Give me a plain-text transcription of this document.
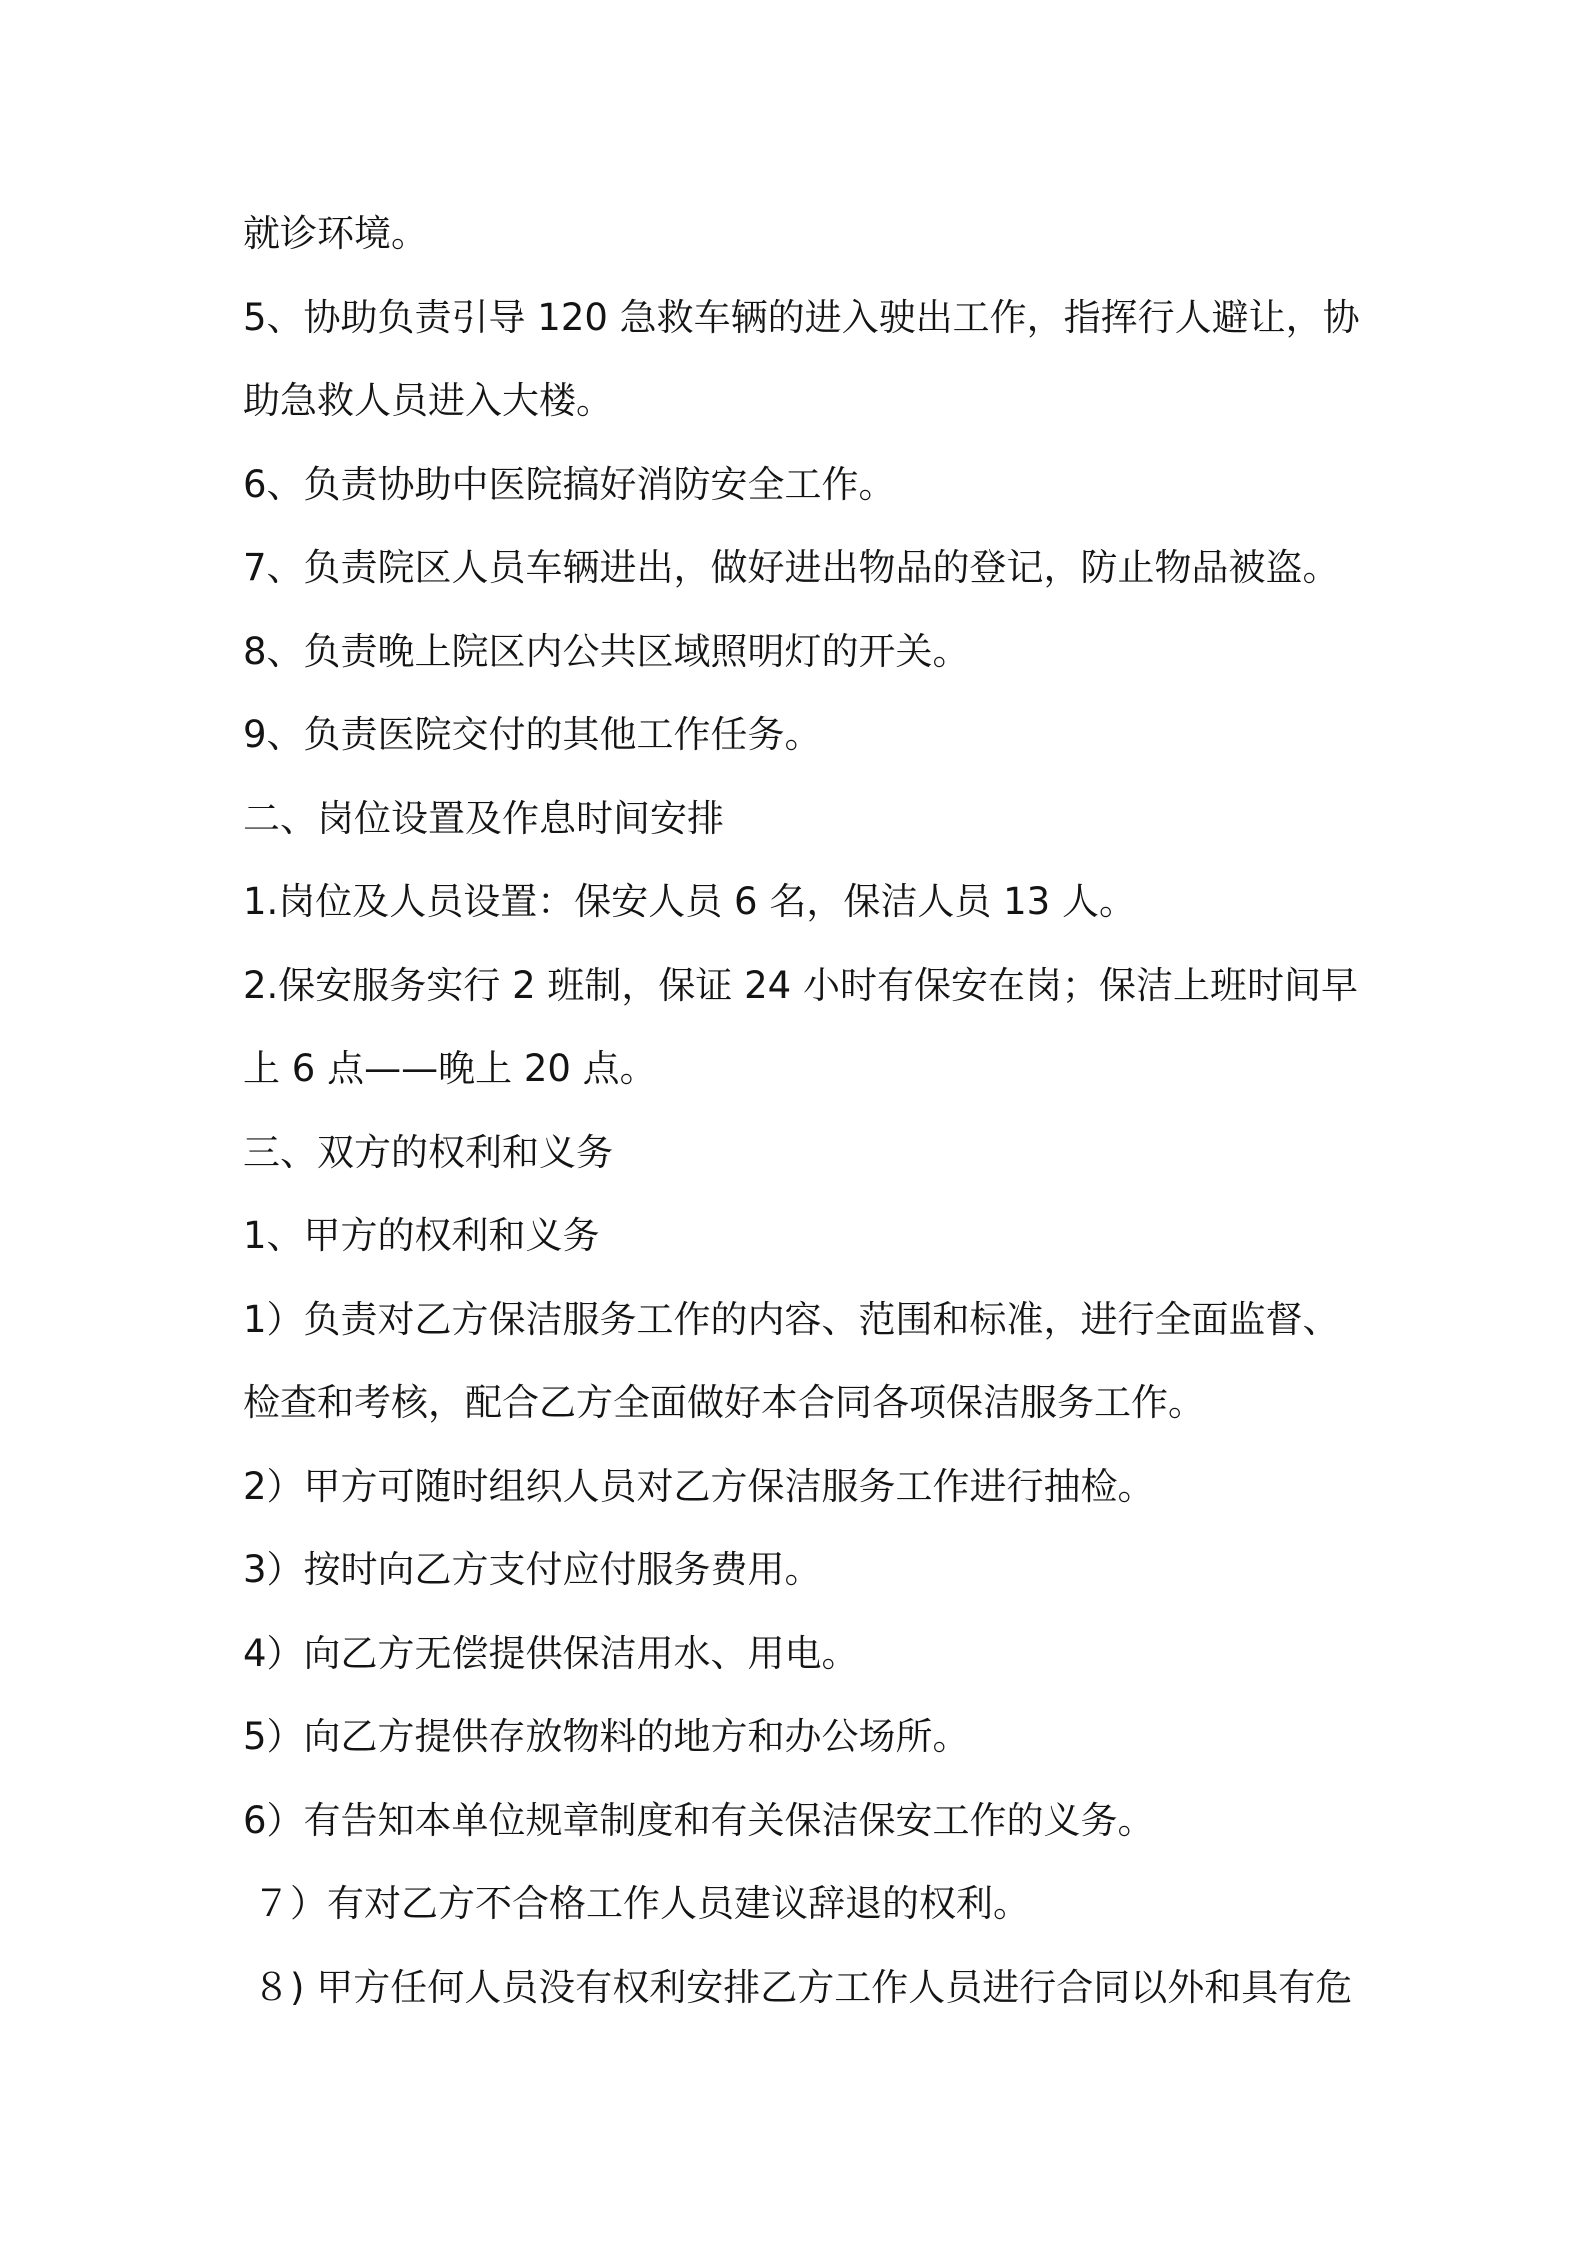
就诊环境。
5、协助负责引导 120 急救车辆的进入驶出工作，指挥行人避让，协
助急救人员进入大楼。
6、负责协助中医院搞好消防安全工作。
7、负责院区人员车辆进出，做好进出物品的登记，防止物品被盗。
8、负责晚上院区内公共区域照明灯的开关。
9、负责医院交付的其他工作任务。
二、岗位设置及作息时间安排
1.岗位及人员设置：保安人员 6 名，保洁人员 13 人。
2.保安服务实行 2 班制，保证 24 小时有保安在岗；保洁上班时间早
上 6 点——晚上 20 点。
三、双方的权利和义务
1、甲方的权利和义务
1）负责对乙方保洁服务工作的内容、范围和标准，进行全面监督、
检查和考核，配合乙方全面做好本合同各项保洁服务工作。
2）甲方可随时组织人员对乙方保洁服务工作进行抽检。
3）按时向乙方支付应付服务费用。
4）向乙方无偿提供保洁用水、用电。
5）向乙方提供存放物料的地方和办公场所。
6）有告知本单位规章制度和有关保洁保安工作的义务。
７）有对乙方不合格工作人员建议辞退的权利。
８) 甲方任何人员没有权利安排乙方工作人员进行合同以外和具有危
